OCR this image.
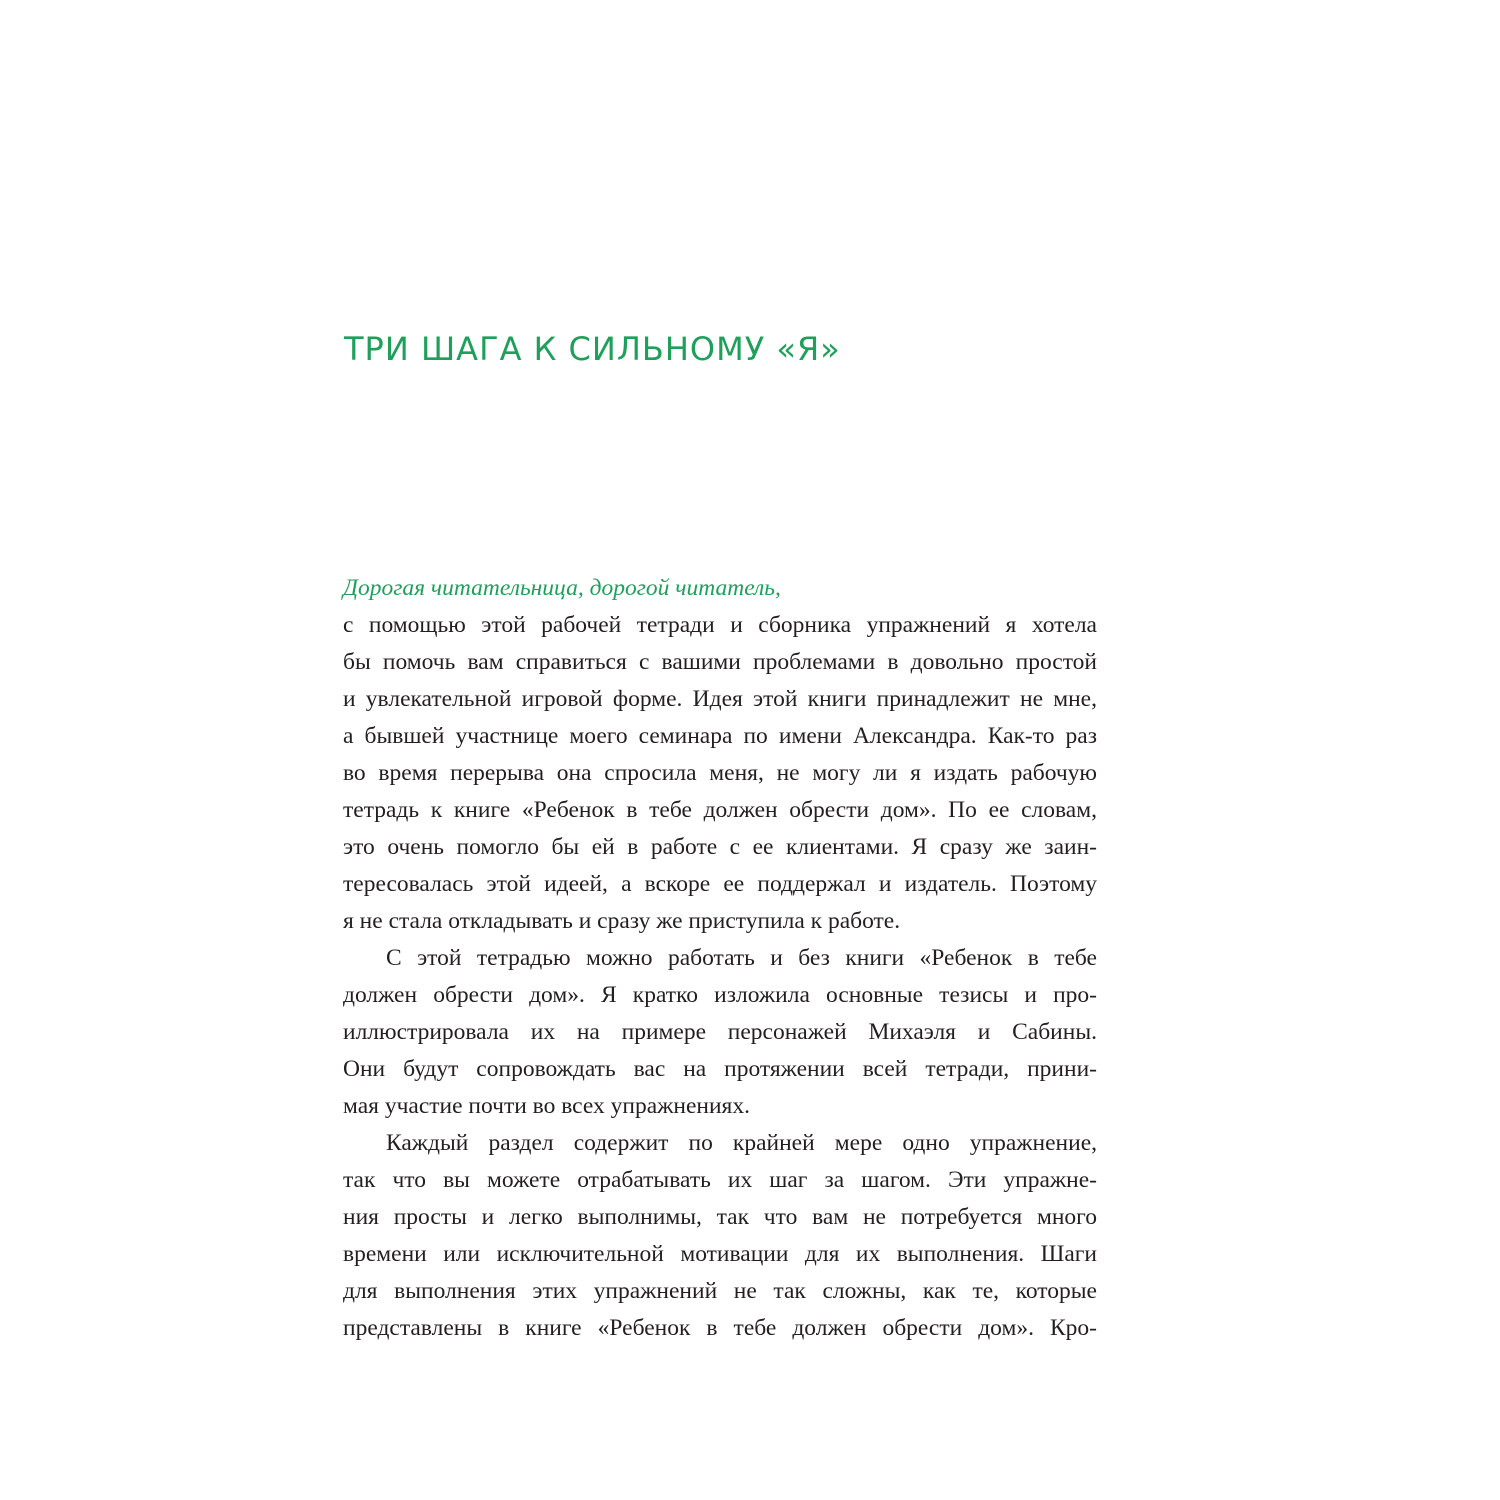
ТРИ ШАГА К СИЛЬНОМУ «Я»
Дорогая читательница, дорогой читатель,
с помощью этой рабочей тетради и сборника упражнений я хотела
бы помочь вам справиться с вашими проблемами в довольно простой
и увлекательной игровой форме. Идея этой книги принадлежит не мне,
а бывшей участнице моего семинара по имени Александра. Как-то раз
во время перерыва она спросила меня, не могу ли я издать рабочую
тетрадь к книге «Ребенок в тебе должен обрести дом». По ее словам,
это очень помогло бы ей в работе с ее клиентами. Я сразу же заин-
тересовалась этой идеей, а вскоре ее поддержал и издатель. Поэтому
я не стала откладывать и сразу же приступила к работе.
С этой тетрадью можно работать и без книги «Ребенок в тебе
должен обрести дом». Я кратко изложила основные тезисы и про-
иллюстрировала их на примере персонажей Михаэля и Сабины.
Они будут сопровождать вас на протяжении всей тетради, прини-
мая участие почти во всех упражнениях.
Каждый раздел содержит по крайней мере одно упражнение,
так что вы можете отрабатывать их шаг за шагом. Эти упражне-
ния просты и легко выполнимы, так что вам не потребуется много
времени или исключительной мотивации для их выполнения. Шаги
для выполнения этих упражнений не так сложны, как те, которые
представлены в книге «Ребенок в тебе должен обрести дом». Кро-
